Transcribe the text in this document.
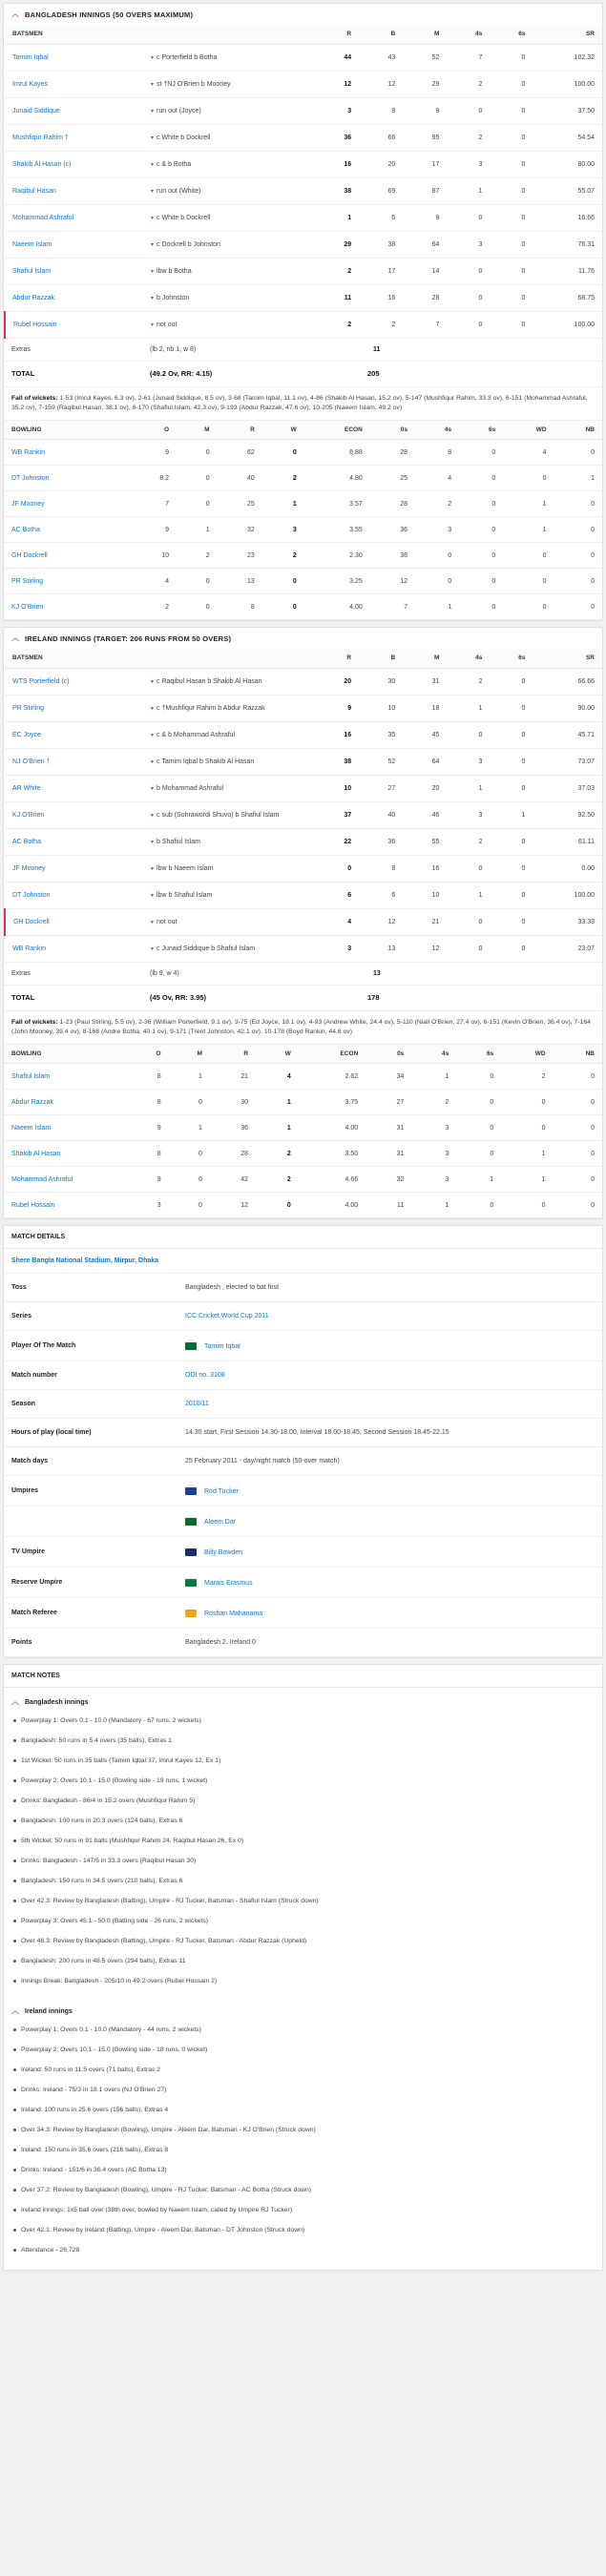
︿ BANGLADESH INNINGS (50 OVERS MAXIMUM)
BATSMEN		R	B	M	4s	6s	SR
Tamim Iqbal	▾ c Porterfield b Botha	44	43	52	7	0	102.32
Imrul Kayes	▾ st †NJ O'Brien b Mooney	12	12	29	2	0	100.00
Junaid Siddique	▾ run out (Joyce)	3	8	9	0	0	37.50
Mushfiqur Rahim †	▾ c White b Dockrell	36	66	95	2	0	54.54
Shakib Al Hasan (c)	▾ c & b Botha	16	20	17	3	0	80.00
Raqibul Hasan	▾ run out (White)	38	69	87	1	0	55.07
Mohammad Ashraful	▾ c White b Dockrell	1	6	9	0	0	16.66
Naeem Islam	▾ c Dockrell b Johnston	29	38	64	3	0	76.31
Shafiul Islam	▾ lbw b Botha	2	17	14	0	0	11.76
Abdur Razzak	▾ b Johnston	11	16	28	0	0	68.75
Rubel Hossain	▾ not out	2	2	7	0	0	100.00
Extras	(lb 2, nb 1, w 8)	11
TOTAL	(49.2 Ov, RR: 4.15)	205
Fall of wickets: 1-53 (Imrul Kayes, 6.3 ov), 2-61 (Junaid Siddique, 8.5 ov), 3-68 (Tamim Iqbal, 11.1 ov), 4-86 (Shakib Al Hasan, 15.2 ov), 5-147 (Mushfiqur Rahim, 33.3 ov), 6-151 (Mohammad Ashraful, 35.2 ov), 7-159 (Raqibul Hasan, 38.1 ov), 8-170 (Shafiul Islam, 42.3 ov), 9-193 (Abdur Razzak, 47.6 ov), 10-205 (Naeem Islam, 49.2 ov)
BOWLING	O	M	R	W	ECON	0s	4s	6s	WD	NB
WB Rankin	9	0	62	0	6.88	28	8	0	4	0
DT Johnston	8.2	0	40	2	4.80	25	4	0	0	1
JF Mooney	7	0	25	1	3.57	28	2	0	1	0
AC Botha	9	1	32	3	3.55	36	3	0	1	0
GH Dockrell	10	2	23	2	2.30	38	0	0	0	0
PR Stirling	4	0	13	0	3.25	12	0	0	0	0
KJ O'Brien	2	0	8	0	4.00	7	1	0	0	0
︿ IRELAND INNINGS (TARGET: 206 RUNS FROM 50 OVERS)
BATSMEN		R	B	M	4s	6s	SR
WTS Porterfield (c)	▾ c Raqibul Hasan b Shakib Al Hasan	20	30	31	2	0	66.66
PR Stirling	▾ c †Mushfiqur Rahim b Abdur Razzak	9	10	18	1	0	90.00
EC Joyce	▾ c & b Mohammad Ashraful	16	35	45	0	0	45.71
NJ O'Brien †	▾ c Tamim Iqbal b Shakib Al Hasan	38	52	64	3	0	73.07
AR White	▾ b Mohammad Ashraful	10	27	20	1	0	37.03
KJ O'Brien	▾ c sub (Sohrawordi Shuvo) b Shafiul Islam	37	40	46	3	1	92.50
AC Botha	▾ b Shafiul Islam	22	36	55	2	0	61.11
JF Mooney	▾ lbw b Naeem Islam	0	8	16	0	0	0.00
DT Johnston	▾ lbw b Shafiul Islam	6	6	10	1	0	100.00
GH Dockrell	▾ not out	4	12	21	0	0	33.33
WB Rankin	▾ c Junaid Siddique b Shafiul Islam	3	13	12	0	0	23.07
Extras	(lb 9, w 4)	13
TOTAL	(45 Ov, RR: 3.95)	178
Fall of wickets: 1-23 (Paul Stirling, 5.5 ov), 2-36 (William Porterfield, 9.1 ov), 3-75 (Ed Joyce, 18.1 ov), 4-93 (Andrew White, 24.4 ov), 5-110 (Niall O'Brien, 27.4 ov), 6-151 (Kevin O'Brien, 36.4 ov), 7-164 (John Mooney, 39.4 ov), 8-168 (Andre Botha, 40.1 ov), 9-171 (Trent Johnston, 42.1 ov), 10-178 (Boyd Rankin, 44.6 ov)
BOWLING	O	M	R	W	ECON	0s	4s	6s	WD	NB
Shafiul Islam	8	1	21	4	2.62	34	1	0	2	0
Abdur Razzak	8	0	30	1	3.75	27	2	0	0	0
Naeem Islam	9	1	36	1	4.00	31	3	0	0	0
Shakib Al Hasan	8	0	28	2	3.50	31	3	0	1	0
Mohammad Ashraful	9	0	42	2	4.66	32	3	1	1	0
Rubel Hossain	3	0	12	0	4.00	11	1	0	0	0
MATCH DETAILS
Shere Bangla National Stadium, Mirpur, Dhaka
Toss	Bangladesh , elected to bat first
Series	ICC Cricket World Cup 2011
Player Of The Match	Tamim Iqbal
Match number	ODI no. 3108
Season	2010/11
Hours of play (local time)	14.30 start, First Session 14.30-18.00, Interval 18.00-18.45, Second Session 18.45-22.15
Match days	25 February 2011 - day/night match (50-over match)
Umpires	Rod Tucker
Aleem Dar
TV Umpire	Billy Bowden
Reserve Umpire	Marais Erasmus
Match Referee	Roshan Mahanama
Points	Bangladesh 2, Ireland 0
MATCH NOTES
︿ Bangladesh innings
Powerplay 1: Overs 0.1 - 10.0 (Mandatory - 67 runs, 2 wickets)
Bangladesh: 50 runs in 5.4 overs (35 balls), Extras 1
1st Wicket: 50 runs in 35 balls (Tamim Iqbal 37, Imrul Kayes 12, Ex 1)
Powerplay 2: Overs 10.1 - 15.0 (Bowling side - 19 runs, 1 wicket)
Drinks: Bangladesh - 86/4 in 15.2 overs (Mushfiqur Rahim 5)
Bangladesh: 100 runs in 20.3 overs (124 balls), Extras 6
5th Wicket: 50 runs in 91 balls (Mushfiqur Rahim 24, Raqibul Hasan 26, Ex 0)
Drinks: Bangladesh - 147/5 in 33.3 overs (Raqibul Hasan 30)
Bangladesh: 150 runs in 34.5 overs (210 balls), Extras 6
Over 42.3: Review by Bangladesh (Batting), Umpire - RJ Tucker, Batsman - Shafiul Islam (Struck down)
Powerplay 3: Overs 45.1 - 50.0 (Batting side - 26 runs, 2 wickets)
Over 46.3: Review by Bangladesh (Batting), Umpire - RJ Tucker, Batsman - Abdur Razzak (Upheld)
Bangladesh: 200 runs in 48.5 overs (294 balls), Extras 11
Innings Break: Bangladesh - 205/10 in 49.2 overs (Rubel Hossain 2)
︿ Ireland innings
Powerplay 1: Overs 0.1 - 10.0 (Mandatory - 44 runs, 2 wickets)
Powerplay 2: Overs 10.1 - 15.0 (Bowling side - 18 runs, 0 wicket)
Ireland: 50 runs in 11.5 overs (71 balls), Extras 2
Drinks: Ireland - 75/3 in 18.1 overs (NJ O'Brien 27)
Ireland: 100 runs in 25.6 overs (156 balls), Extras 4
Over 34.3: Review by Bangladesh (Bowling), Umpire - Aleem Dar, Batsman - KJ O'Brien (Struck down)
Ireland: 150 runs in 35.6 overs (216 balls), Extras 8
Drinks: Ireland - 151/6 in 36.4 overs (AC Botha 13)
Over 37.2: Review by Bangladesh (Bowling), Umpire - RJ Tucker, Batsman - AC Botha (Struck down)
Ireland innings: 1x5 ball over (38th over, bowled by Naeem Islam, called by Umpire RJ Tucker)
Over 42.1: Review by Ireland (Batting), Umpire - Aleem Dar, Batsman - DT Johnston (Struck down)
Attendance - 26,728
